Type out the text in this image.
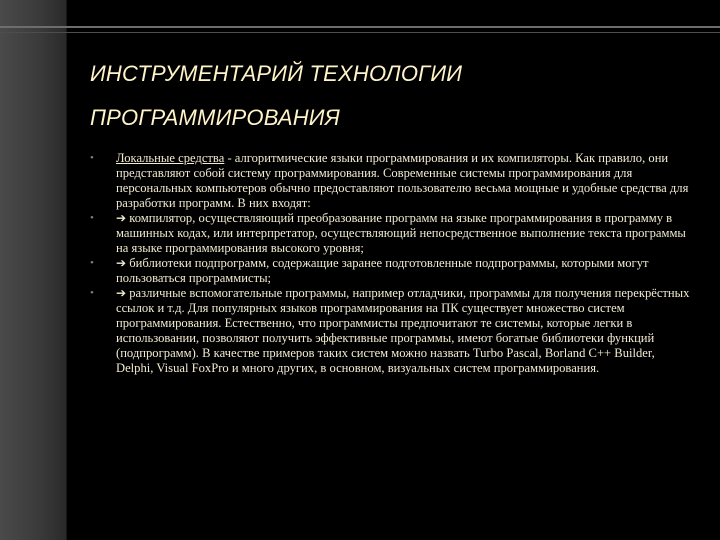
ИНСТРУМЕНТАРИЙ ТЕХНОЛОГИИ
ПРОГРАММИРОВАНИЯ
• Локальные средства - алгоритмические языки программирования и их компиляторы. Как правило, они представляют собой систему программирования. Современные системы программирования для персональных компьютеров обычно предоставляют пользователю весьма мощные и удобные средства для разработки программ. В них входят:
• ➔ компилятор, осуществляющий преобразование программ на языке программирования в программу в машинных кодах, или интерпретатор, осуществляющий непосредственное выполнение текста программы на языке программирования высокого уровня;
• ➔ библиотеки подпрограмм, содержащие заранее подготовленные подпрограммы, которыми могут пользоваться программисты;
• ➔ различные вспомогательные программы, например отладчики, программы для получения перекрёстных ссылок и т.д. Для популярных языков программирования на ПК существует множество систем программирования. Естественно, что программисты предпочитают те системы, которые легки в использовании, позволяют получить эффективные программы, имеют богатые библиотеки функций (подпрограмм). В качестве примеров таких систем можно назвать Turbo Pascal, Borland C++ Builder, Delphi, Visual FoxPro и много других, в основном, визуальных систем программирования.
